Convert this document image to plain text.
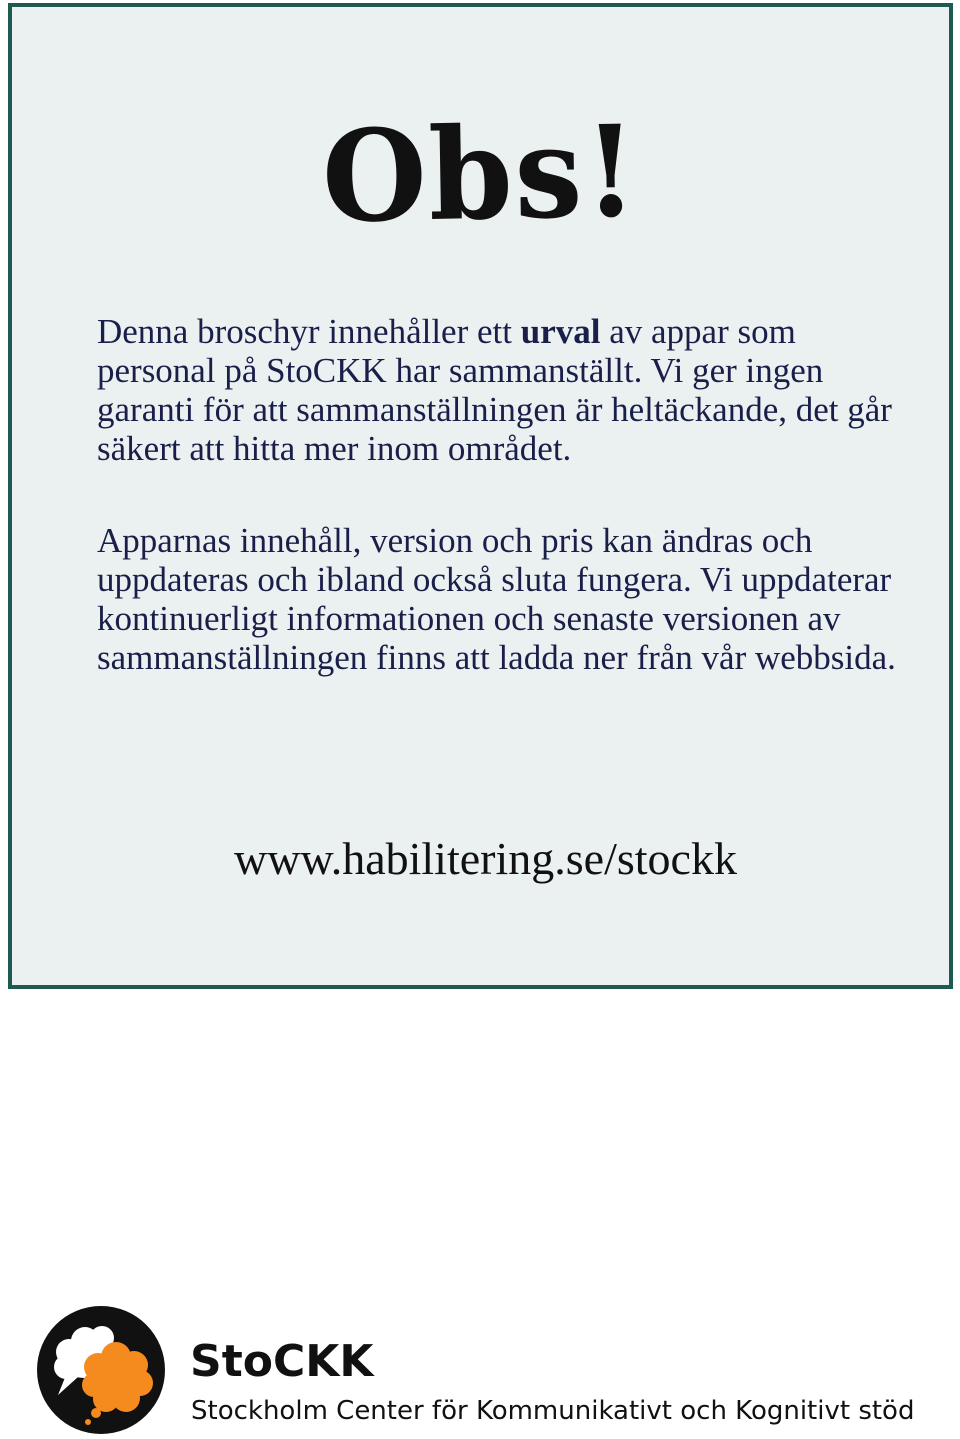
Obs!

Denna broschyr innehåller ett urval av appar som personal på StoCKK har sammanställt. Vi ger ingen garanti för att sammanställningen är heltäckande, det går säkert att hitta mer inom området.

Apparnas innehåll, version och pris kan ändras och uppdateras och ibland också sluta fungera. Vi uppdaterar kontinuerligt informationen och senaste versionen av sammanställningen finns att ladda ner från vår webbsida.

www.habilitering.se/stockk
StoCKK
Stockholm Center för Kommunikativt och Kognitivt stöd
